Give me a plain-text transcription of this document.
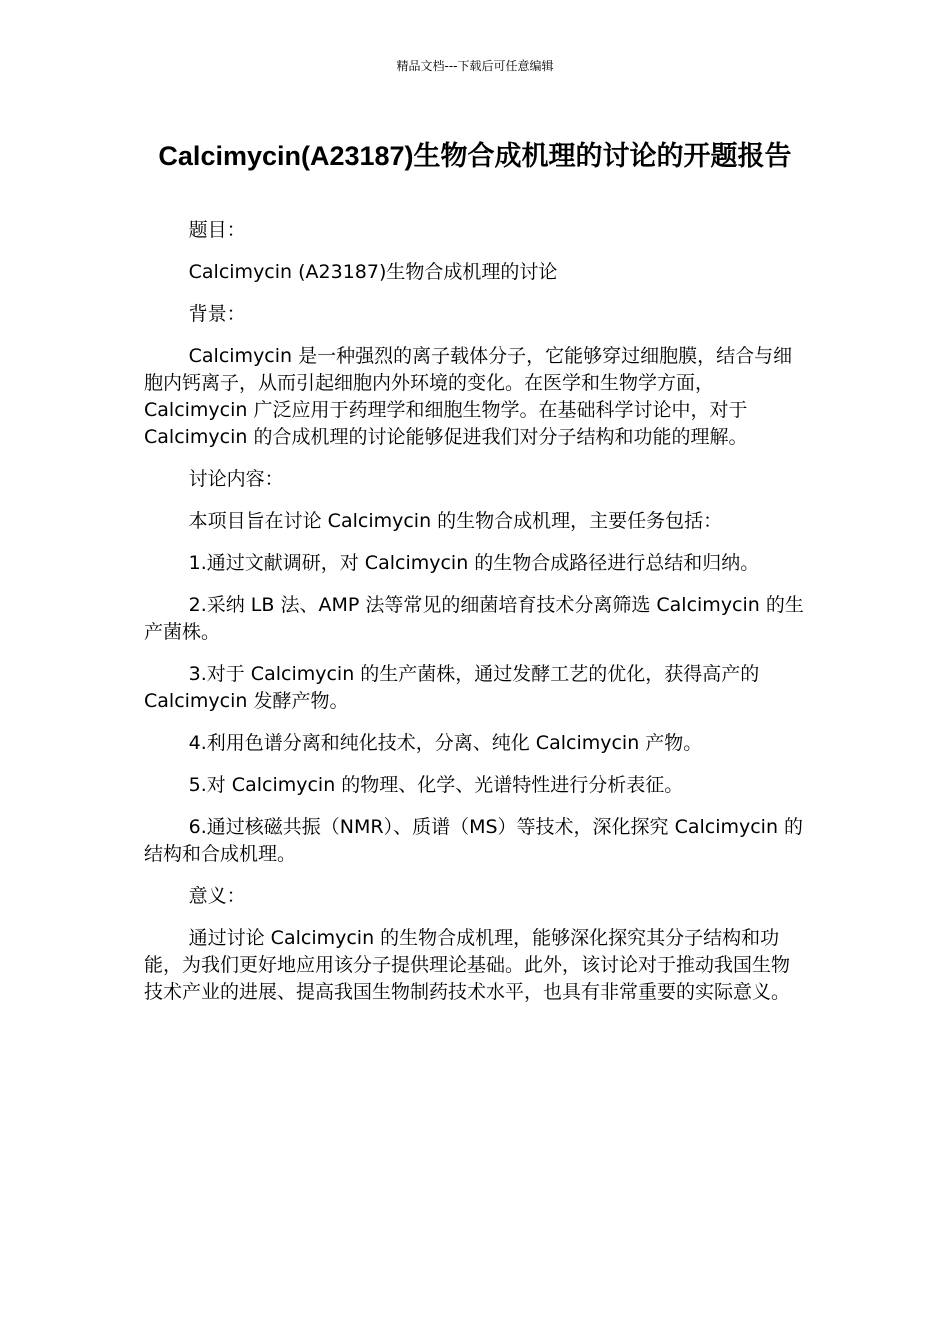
精品文档---下载后可任意编辑
Calcimycin(A23187)生物合成机理的讨论的开题报告

题目：

Calcimycin (A23187)生物合成机理的讨论

背景：

Calcimycin 是一种强烈的离子载体分子，它能够穿过细胞膜，结合与细胞内钙离子，从而引起细胞内外环境的变化。在医学和生物学方面，Calcimycin 广泛应用于药理学和细胞生物学。在基础科学讨论中，对于 Calcimycin 的合成机理的讨论能够促进我们对分子结构和功能的理解。

讨论内容：

本项目旨在讨论 Calcimycin 的生物合成机理，主要任务包括：

1.通过文献调研，对 Calcimycin 的生物合成路径进行总结和归纳。

2.采纳 LB 法、AMP 法等常见的细菌培育技术分离筛选 Calcimycin 的生产菌株。

3.对于 Calcimycin 的生产菌株，通过发酵工艺的优化，获得高产的 Calcimycin 发酵产物。

4.利用色谱分离和纯化技术，分离、纯化 Calcimycin 产物。

5.对 Calcimycin 的物理、化学、光谱特性进行分析表征。

6.通过核磁共振（NMR）、质谱（MS）等技术，深化探究 Calcimycin 的结构和合成机理。

意义：

通过讨论 Calcimycin 的生物合成机理，能够深化探究其分子结构和功能，为我们更好地应用该分子提供理论基础。此外，该讨论对于推动我国生物技术产业的进展、提高我国生物制药技术水平，也具有非常重要的实际意义。
